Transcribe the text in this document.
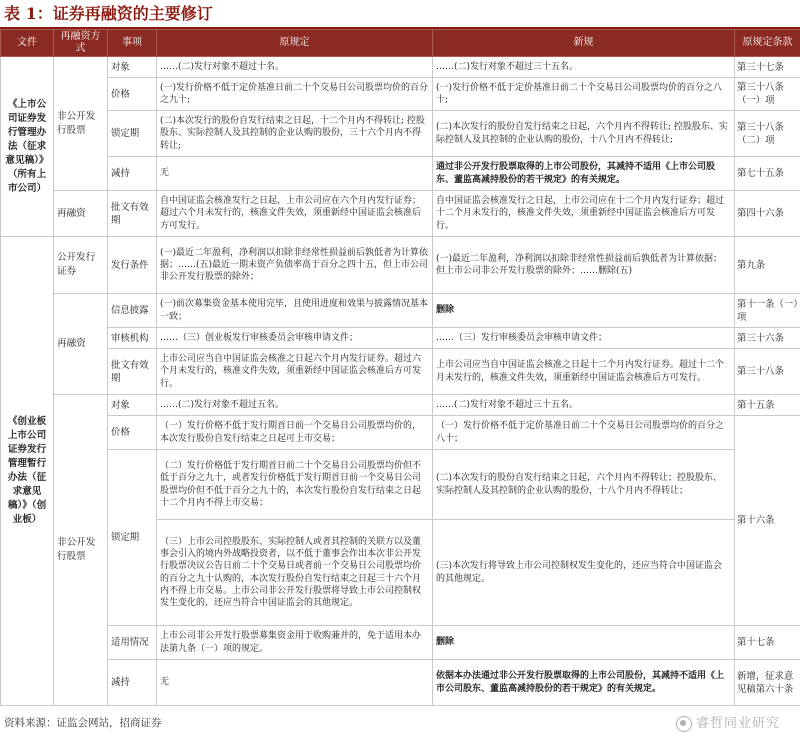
表 1：证券再融资的主要修订
文件	再融资方式	事项	原规定	新规	原规定条款
《上市公司证券发行管理办法（征求意见稿）》（所有上市公司）	非公开发行股票	对象	……(二)发行对象不超过十名。	……(二)发行对象不超过三十五名。	第三十七条
		价格	(一)发行价格不低于定价基准日前二十个交易日公司股票均价的百分之九十;	(一)发行价格不低于定价基准日前二十个交易日公司股票均价的百分之八十;	第三十八条（一）项
		锁定期	(二)本次发行的股份自发行结束之日起，十二个月内不得转让; 控股股东、实际控制人及其控制的企业认购的股份，三十六个月内不得转让;	(二)本次发行的股份自发行结束之日起，六个月内不得转让; 控股股东、实际控制人及其控制的企业认购的股份，十八个月内不得转让;	第三十八条（二）项
		减持	无	通过非公开发行股票取得的上市公司股份，其减持不适用《上市公司股东、董监高减持股份的若干规定》的有关规定。	第七十五条
	再融资	批文有效期	自中国证监会核准发行之日起，上市公司应在六个月内发行证券；超过六个月未发行的，核准文件失效，须重新经中国证监会核准后方可发行。	自中国证监会核准发行之日起，上市公司应在十二个月内发行证券；超过十二个月未发行的，核准文件失效，须重新经中国证监会核准后方可发行。	第四十六条
《创业板上市公司证券发行管理暂行办法（征求意见稿）》（创业板）	公开发行证券	发行条件	(一)最近二年盈利，净利润以扣除非经常性损益前后孰低者为计算依据；……(五)最近一期末资产负债率高于百分之四十五，但上市公司非公开发行股票的除外；	(一)最近二年盈利，净利润以扣除非经常性损益前后孰低者为计算依据；但上市公司非公开发行股票的除外；……删除(五)	第九条
	再融资	信息披露	(一)前次募集资金基本使用完毕，且使用进度和效果与披露情况基本一致；	删除	第十一条（一）项
		审核机构	……（三）创业板发行审核委员会审核申请文件；	……（三）发行审核委员会审核申请文件；	第三十六条
		批文有效期	上市公司应当自中国证监会核准之日起六个月内发行证券。超过六个月未发行的，核准文件失效，须重新经中国证监会核准后方可发行。	上市公司应当自中国证监会核准之日起十二个月内发行证券。超过十二个月未发行的，核准文件失效，须重新经中国证监会核准后方可发行。	第三十八条
	非公开发行股票	对象	……(二)发行对象不超过五名。	……(二)发行对象不超过三十五名。	第十五条
		价格	（一）发行价格不低于发行期首日前一个交易日公司股票均价的，本次发行股份自发行结束之日起可上市交易；	（一）发行价格不低于定价基准日前二十个交易日公司股票均价的百分之八十；	第十六条
		锁定期	（二）发行价格低于发行期首日前二十个交易日公司股票均价但不低于百分之九十，或者发行价格低于发行期首日前一个交易日公司股票均价但不低于百分之九十的，本次发行股份自发行结束之日起十二个月内不得上市交易；	(二)本次发行的股份自发行结束之日起，六个月内不得转让；控股股东、实际控制人及其控制的企业认购的股份，十八个月内不得转让；	
			（三）上市公司控股股东、实际控制人或者其控制的关联方以及董事会引入的境内外战略投资者，以不低于董事会作出本次非公开发行股票决议公告日前二十个交易日或者前一个交易日公司股票均价的百分之九十认购的，本次发行股份自发行结束之日起三十六个月内不得上市交易。上市公司非公开发行股票将导致上市公司控制权发生变化的，还应当符合中国证监会的其他规定。	(三)本次发行将导致上市公司控制权发生变化的，还应当符合中国证监会的其他规定。	
		适用情况	上市公司非公开发行股票募集资金用于收购兼并的，免于适用本办法第九条（一）项的规定。	删除	第十七条
		减持	无	依据本办法通过非公开发行股票取得的上市公司股份，其减持不适用《上市公司股东、董监高减持股份的若干规定》的有关规定。	新增，征求意见稿第六十条
资料来源：证监会网站，招商证券	睿哲同业研究
